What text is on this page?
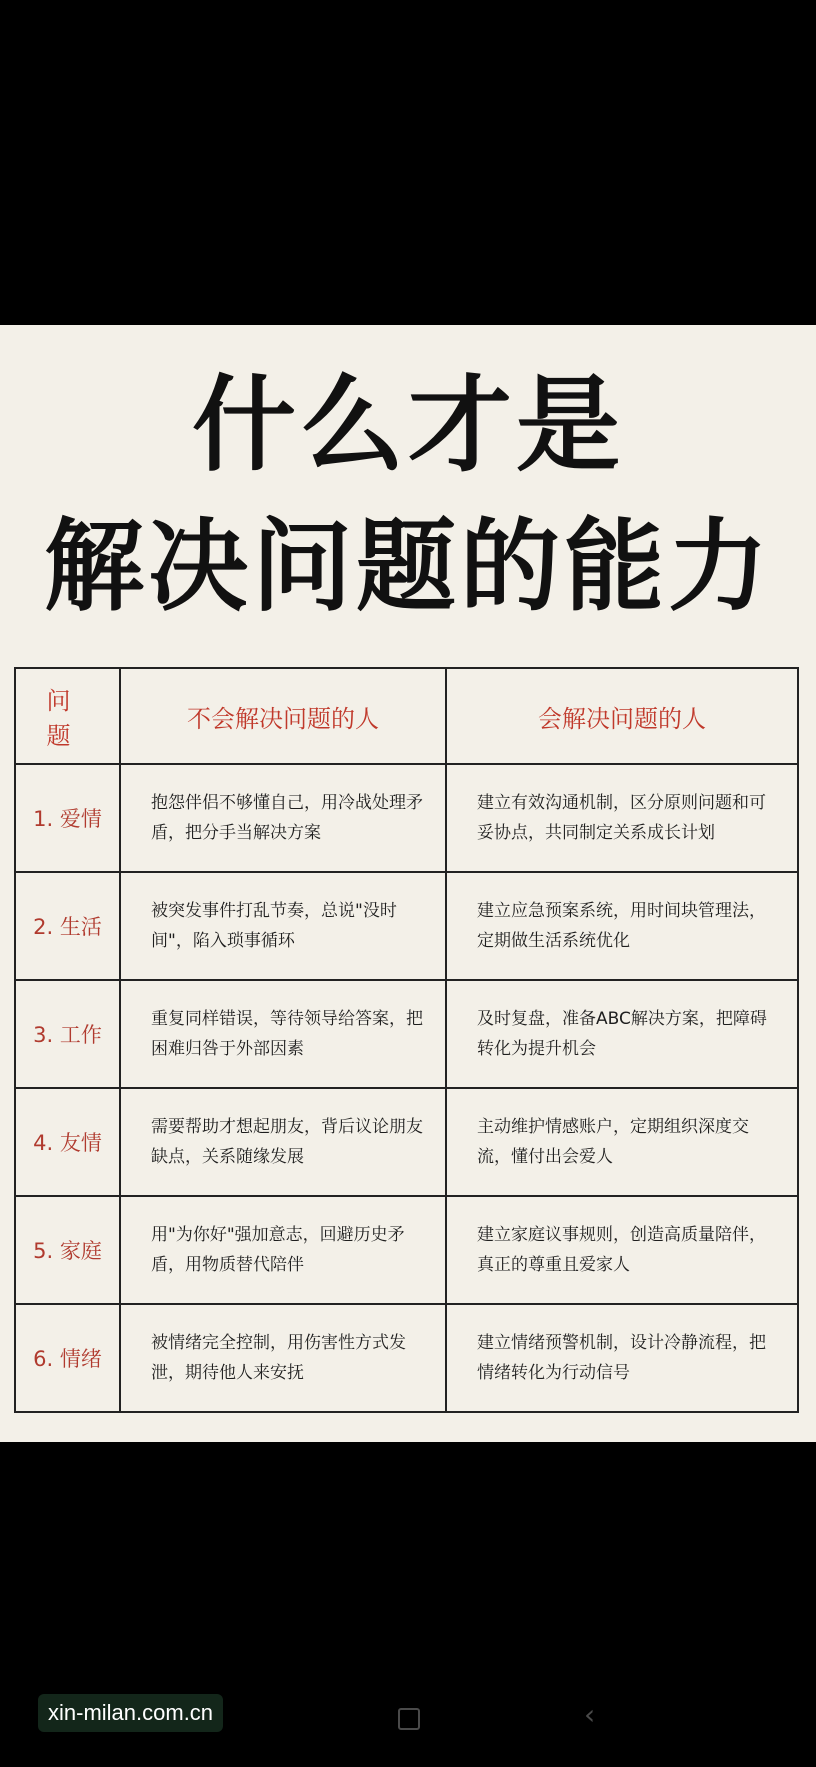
什么才是
解决问题的能力
问 题	不会解决问题的人	会解决问题的人
1. 爱情	抱怨伴侣不够懂自己，用冷战处理矛盾，把分手当解决方案	建立有效沟通机制，区分原则问题和可妥协点，共同制定关系成长计划
2. 生活	被突发事件打乱节奏，总说"没时间"，陷入琐事循环	建立应急预案系统，用时间块管理法，定期做生活系统优化
3. 工作	重复同样错误，等待领导给答案，把困难归咎于外部因素	及时复盘，准备ABC解决方案，把障碍转化为提升机会
4. 友情	需要帮助才想起朋友，背后议论朋友缺点，关系随缘发展	主动维护情感账户，定期组织深度交流，懂付出会爱人
5. 家庭	用"为你好"强加意志，回避历史矛盾，用物质替代陪伴	建立家庭议事规则，创造高质量陪伴，真正的尊重且爱家人
6. 情绪	被情绪完全控制，用伤害性方式发泄，期待他人来安抚	建立情绪预警机制，设计冷静流程，把情绪转化为行动信号
xin-milan.com.cn	‹
